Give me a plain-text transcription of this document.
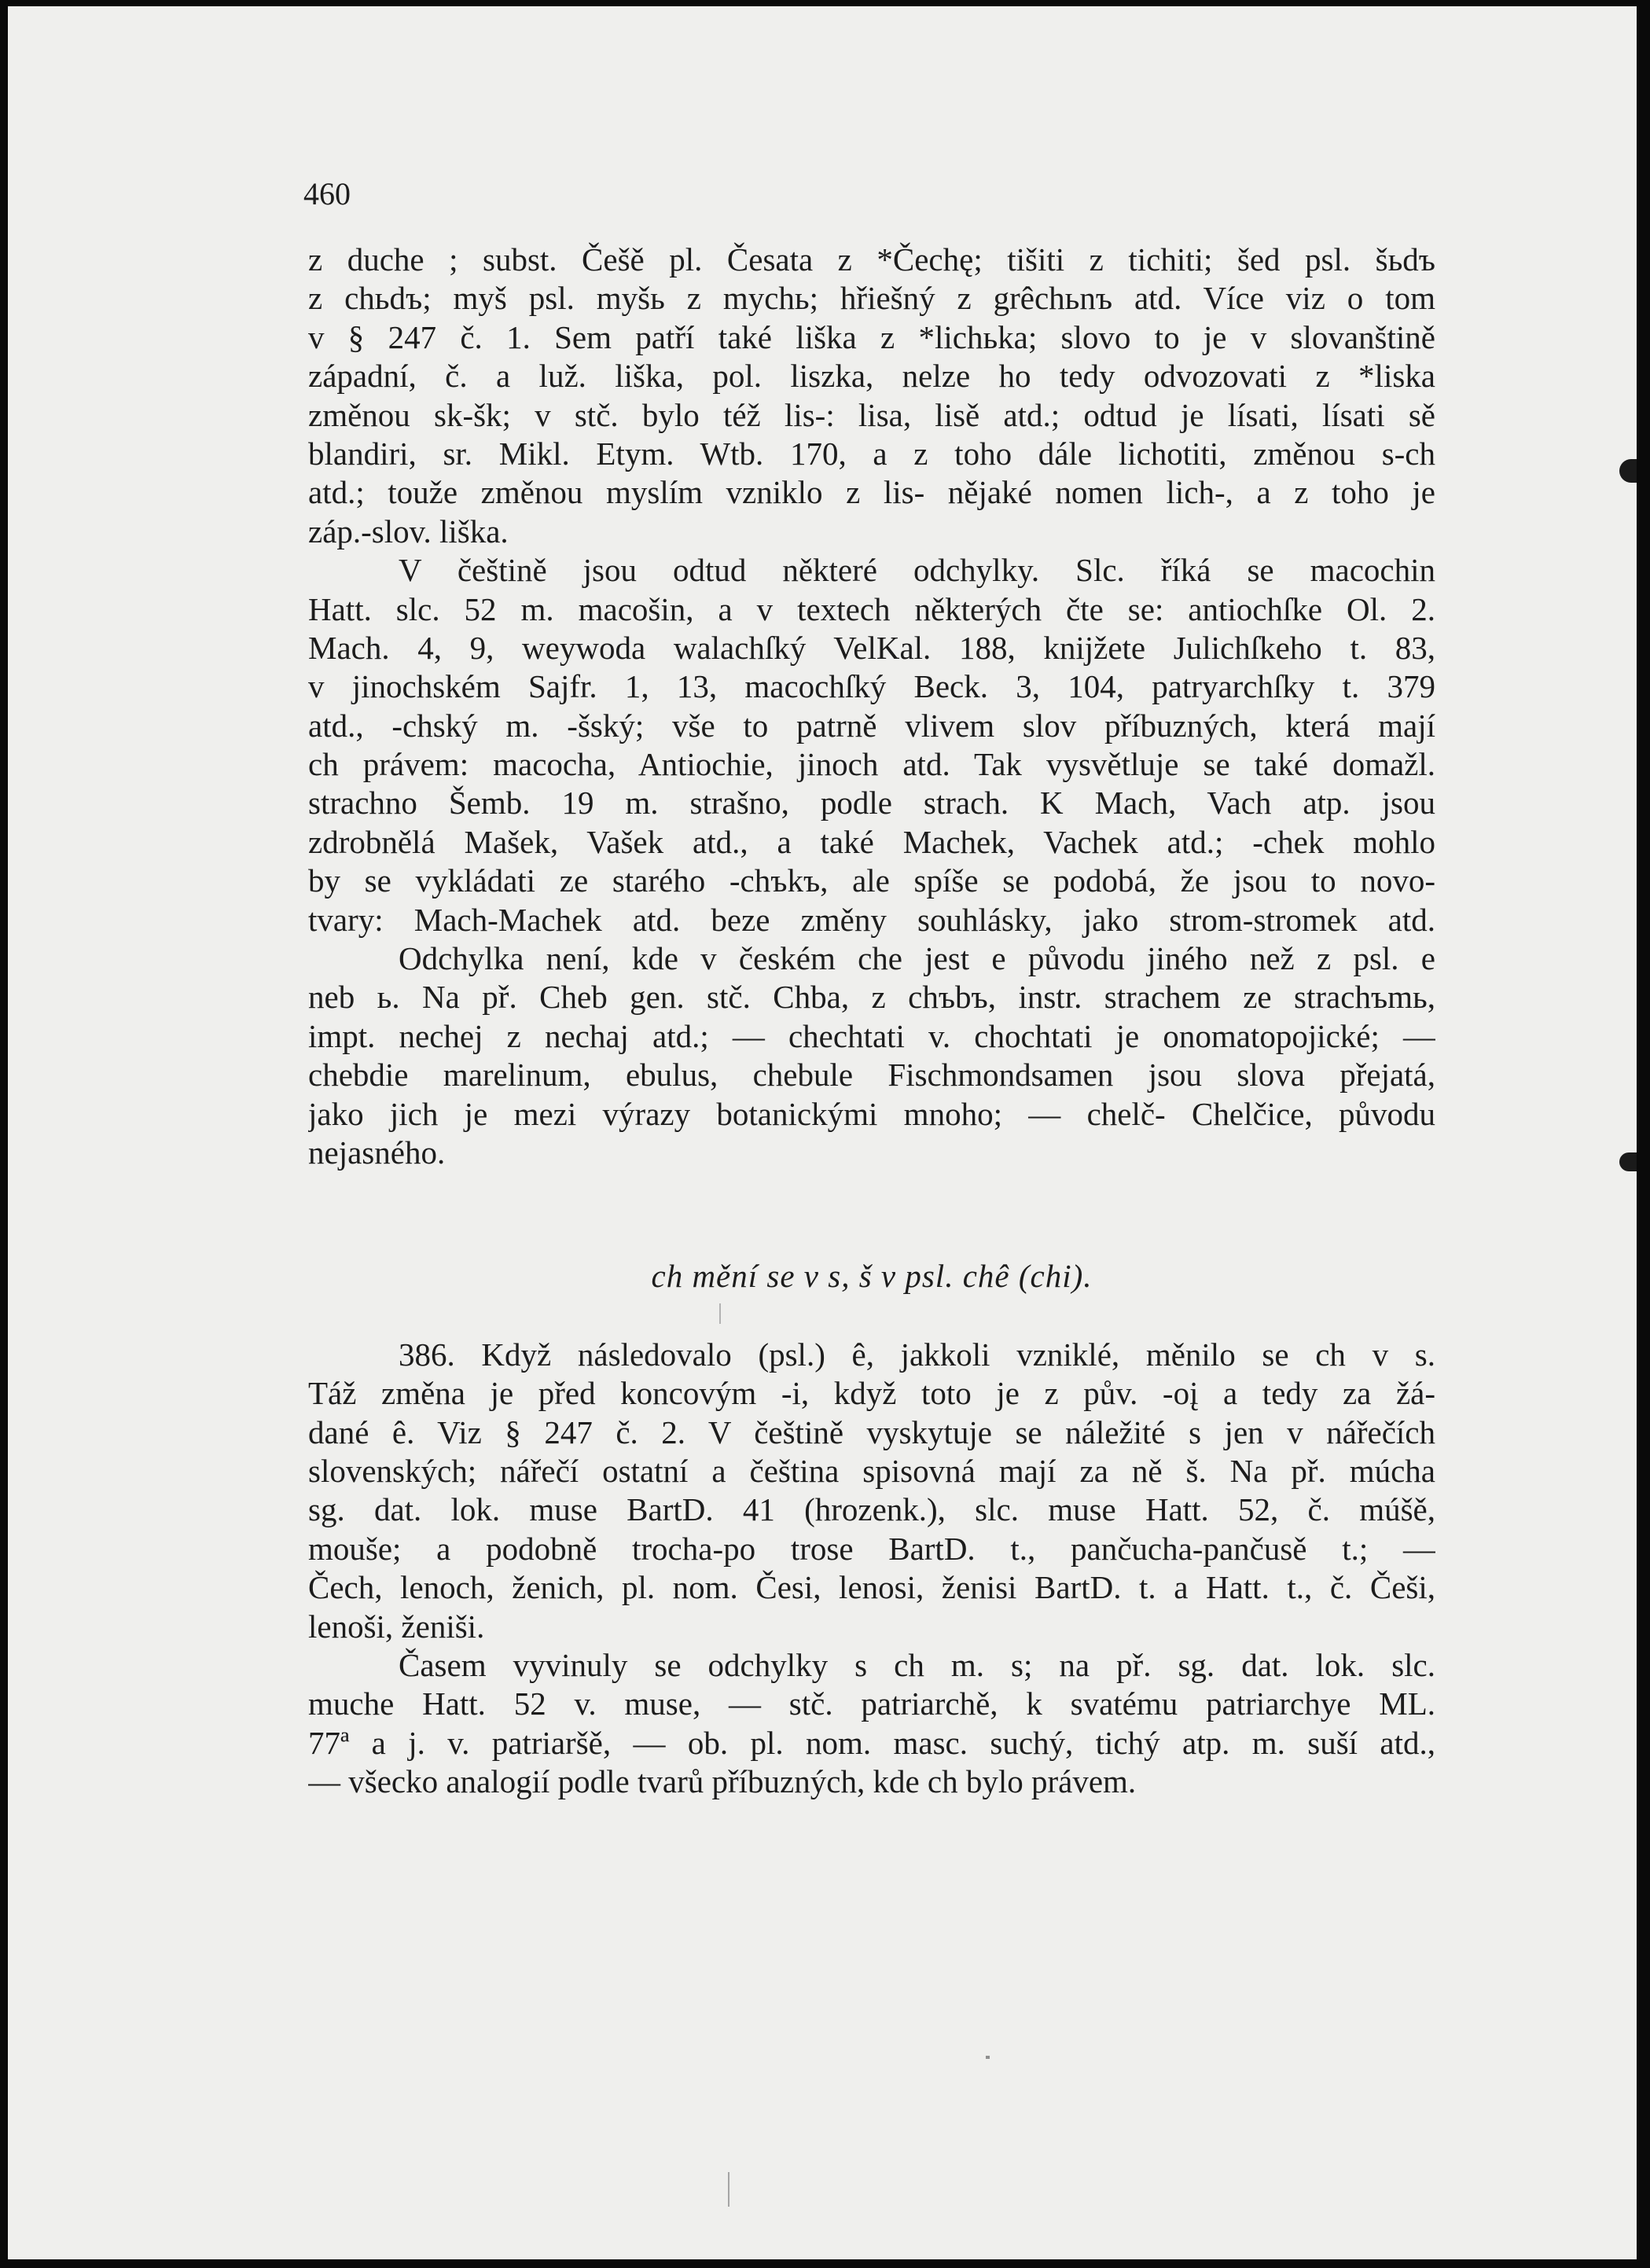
460
z duche ; subst. Češě pl. Česata z *Čechę; tišiti z tichiti; šed psl. šьdъ
z chьdъ; myš psl. myšь z mychь; hřiešný z grêchьnъ atd. Více viz o tom
v § 247 č. 1. Sem patří také liška z *lichьka; slovo to je v slovanštině
západní, č. a luž. liška, pol. liszka, nelze ho tedy odvozovati z *liska
změnou sk-šk; v stč. bylo též lis-: lisa, lisě atd.; odtud je lísati, lísati sě
blandiri, sr. Mikl. Etym. Wtb. 170, a z toho dále lichotiti, změnou s-ch
atd.; touže změnou myslím vzniklo z lis- nějaké nomen lich-, a z toho je
záp.-slov. liška.
V češtině jsou odtud některé odchylky. Slc. říká se macochin
Hatt. slc. 52 m. macošin, a v textech některých čte se: antiochſke Ol. 2.
Mach. 4, 9, weywoda walachſký VelKal. 188, knijžete Julichſkeho t. 83,
v jinochském Sajfr. 1, 13, macochſký Beck. 3, 104, patryarchſky t. 379
atd., -chský m. -šský; vše to patrně vlivem slov příbuzných, která mají
ch právem: macocha, Antiochie, jinoch atd. Tak vysvětluje se také domažl.
strachno Šemb. 19 m. strašno, podle strach. K Mach, Vach atp. jsou
zdrobnělá Mašek, Vašek atd., a také Machek, Vachek atd.; -chek mohlo
by se vykládati ze starého -chъkъ, ale spíše se podobá, že jsou to novo-
tvary: Mach-Machek atd. beze změny souhlásky, jako strom-stromek atd.
Odchylka není, kde v českém che jest e původu jiného než z psl. e
neb ь. Na př. Cheb gen. stč. Chba, z chъbъ, instr. strachem ze strachъmь,
impt. nechej z nechaj atd.; — chechtati v. chochtati je onomatopojické; —
chebdie marelinum, ebulus, chebule Fischmondsamen jsou slova přejatá,
jako jich je mezi výrazy botanickými mnoho; — chelč- Chelčice, původu
nejasného.
ch mění se v s, š v psl. chê (chi).
386. Když následovalo (psl.) ê, jakkoli vzniklé, měnilo se ch v s.
Táž změna je před koncovým -i, když toto je z pův. -oį a tedy za žá-
dané ê. Viz § 247 č. 2. V češtině vyskytuje se náležité s jen v nářečích
slovenských; nářečí ostatní a čeština spisovná mají za ně š. Na př. múcha
sg. dat. lok. muse BartD. 41 (hrozenk.), slc. muse Hatt. 52, č. múšě,
mouše; a podobně trocha-po trose BartD. t., pančucha-pančusě t.; —
Čech, lenoch, ženich, pl. nom. Česi, lenosi, ženisi BartD. t. a Hatt. t., č. Češi,
lenoši, ženiši.
Časem vyvinuly se odchylky s ch m. s; na př. sg. dat. lok. slc.
muche Hatt. 52 v. muse, — stč. patriarchě, k svatému patriarchye ML.
77ª a j. v. patriaršě, — ob. pl. nom. masc. suchý, tichý atp. m. suší atd.,
— všecko analogií podle tvarů příbuzných, kde ch bylo právem.
